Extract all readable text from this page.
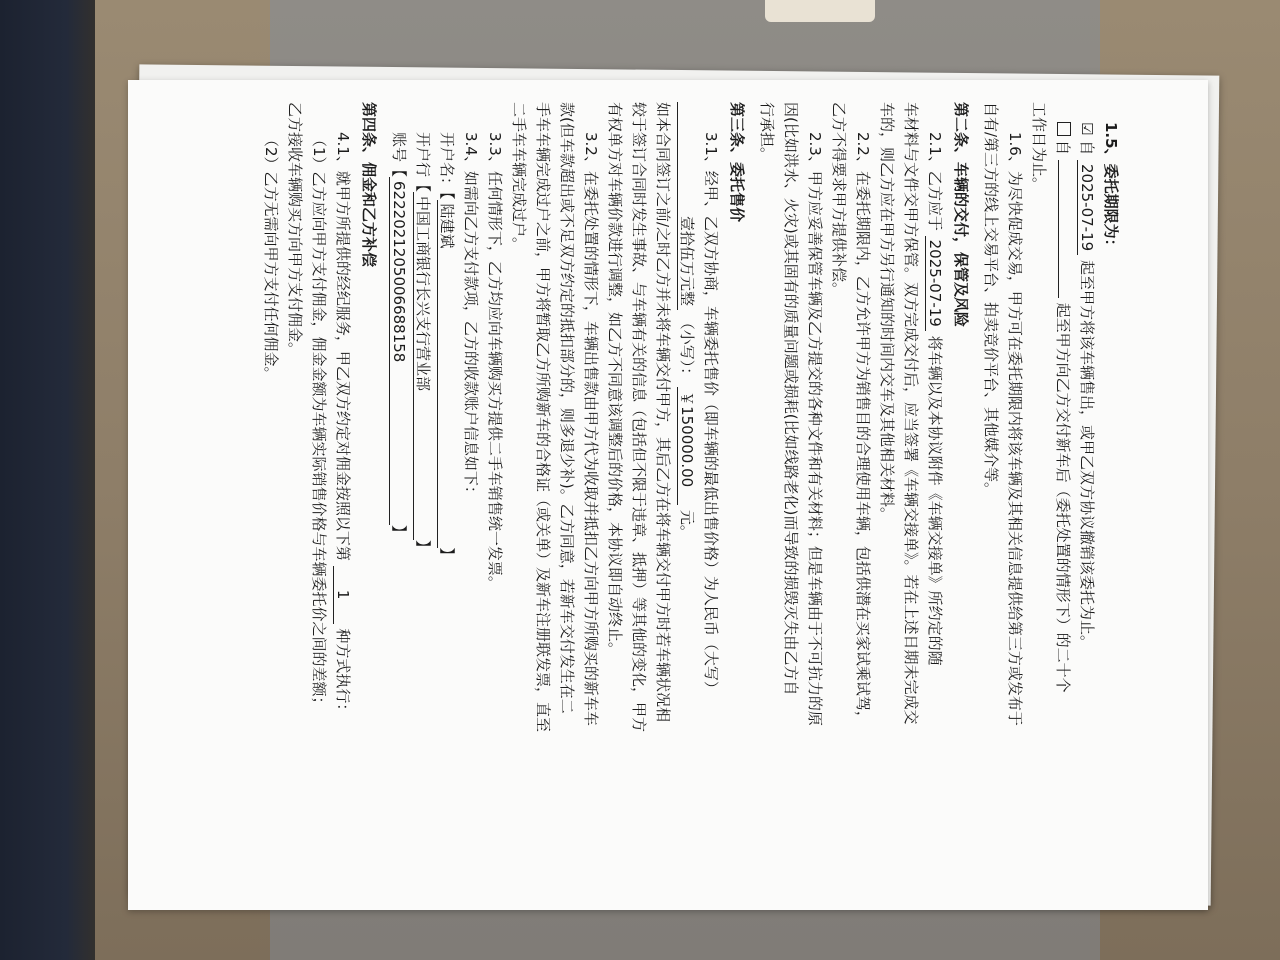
1.5、委托期限为：
☑ 自 2025-07-19 起至甲方将该车辆售出，或甲乙双方协议撤销该委托为止。
自  起至甲方向乙方交付新车后（委托处置的情形下）的二十个
工作日为止。
1.6、为尽快促成交易，甲方可在委托期限内将该车辆及其相关信息提供给第三方或发布于
自有/第三方的线上交易平台、拍卖竞价平台、其他媒介等。
第二条、车辆的交付，保管及风险
2.1、乙方应于 2025-07-19 将车辆以及本协议附件《车辆交接单》所约定的随
车材料与文件交甲方保管。双方完成交付后，应当签署《车辆交接单》。若在上述日期未完成交
车的，则乙方应在甲方另行通知的时间内交车及其他相关材料。
2.2、在委托期限内，乙方允许甲方为销售目的合理使用车辆，包括供潜在买家试乘试驾，
乙方不得要求甲方提供补偿。
2.3、甲方应妥善保管车辆及乙方提交的各种文件和有关材料；但是车辆由于不可抗力的原
因(比如洪水、火灾)或其固有的质量问题或损耗(比如线路老化)而导致的损毁灭失由乙方自
行承担。
第三条、委托售价
3.1、经甲、乙双方协商，车辆委托售价（即车辆的最低出售价格）为人民币（大写）
壹拾伍万元整 （小写）： ￥150000.00 元。
如本合同签订之前/之时乙方并未将车辆交付甲方，其后乙方在将车辆交付甲方时若车辆状况相
较于签订合同时发生事故、与车辆有关的信息（包括但不限于违章、抵押）等其他的变化，甲方
有权单方对车辆价款进行调整，如乙方不同意该调整后的价格，本协议即自动终止。
3.2、在委托处置的情形下，车辆出售款由甲方代为收取并抵扣乙方向甲方所购买的新车车
款(但车款超出或不足双方约定的抵扣部分的，则多退少补)。乙方同意，若新车交付发生在二
手车车辆完成过户之前，甲方将暂取乙方所购新车的合格证（或关单）及新车注册联发票，直至
二手车车辆完成过户。
3.3、任何情形下，乙方均应向车辆购买方提供二手车销售统一发票。
3.4、如需向乙方支付款项，乙方的收款账户信息如下：
开户名：【陆建斌】
开户行【中国工商银行长兴支行营业部】
账号【6222021205006688158】
第四条、佣金和乙方补偿
4.1、就甲方所提供的经纪服务，甲乙双方约定对佣金按照以下第 1 种方式执行：
（1）乙方应向甲方支付佣金，佣金金额为车辆实际销售价格与车辆委托价之间的差额；
乙方接收车辆购买方向甲方支付佣金。
（2）乙方无需向甲方支付任何佣金。
